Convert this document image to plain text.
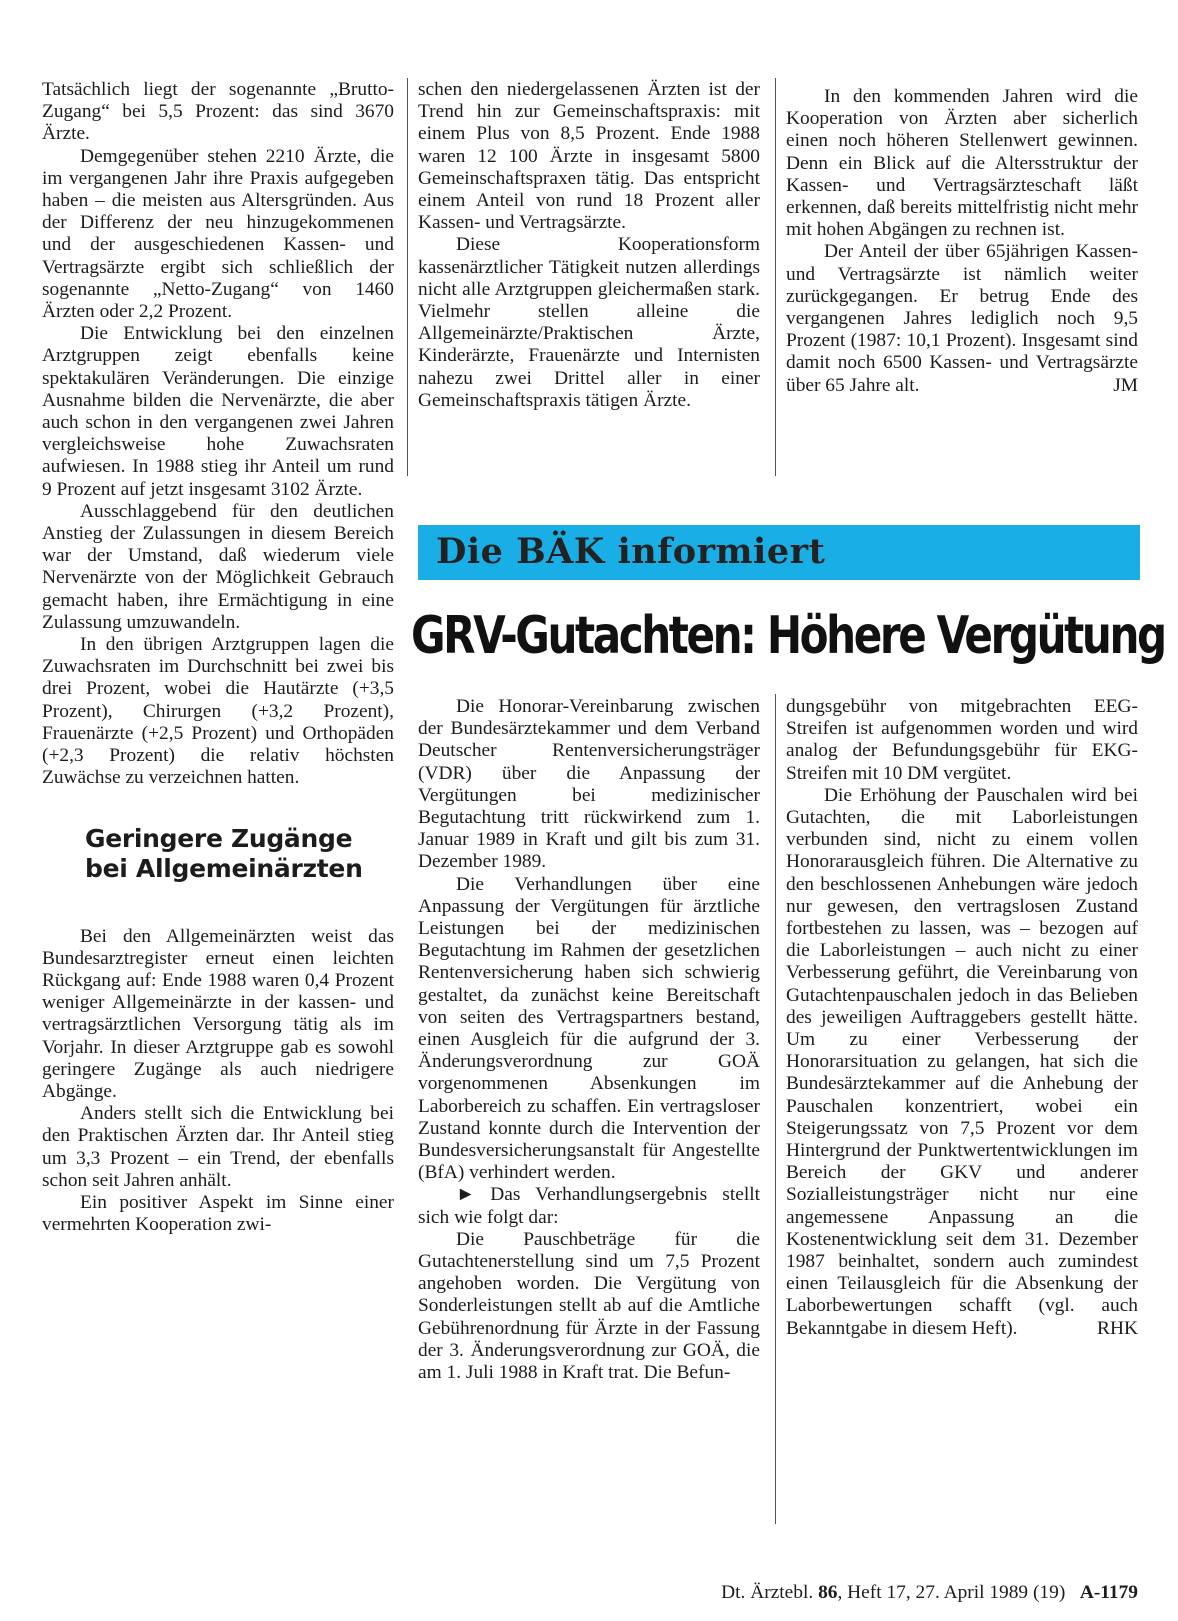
Tatsächlich liegt der sogenannte „Brutto-Zugang“ bei 5,5 Prozent: das sind 3670 Ärzte.

Demgegenüber stehen 2210 Ärzte, die im vergangenen Jahr ihre Praxis aufgegeben haben – die meisten aus Altersgründen. Aus der Differenz der neu hinzugekommenen und der ausgeschiedenen Kassen- und Vertragsärzte ergibt sich schließlich der sogenannte „Netto-Zugang“ von 1460 Ärzten oder 2,2 Prozent.

Die Entwicklung bei den einzelnen Arztgruppen zeigt ebenfalls keine spektakulären Veränderungen. Die einzige Ausnahme bilden die Nervenärzte, die aber auch schon in den vergangenen zwei Jahren vergleichsweise hohe Zuwachsraten aufwiesen. In 1988 stieg ihr Anteil um rund 9 Prozent auf jetzt insgesamt 3102 Ärzte.

Ausschlaggebend für den deutlichen Anstieg der Zulassungen in diesem Bereich war der Umstand, daß wiederum viele Nervenärzte von der Möglichkeit Gebrauch gemacht haben, ihre Ermächtigung in eine Zulassung umzuwandeln.

In den übrigen Arztgruppen lagen die Zuwachsraten im Durchschnitt bei zwei bis drei Prozent, wobei die Hautärzte (+3,5 Prozent), Chirurgen (+3,2 Prozent), Frauenärzte (+2,5 Prozent) und Orthopäden (+2,3 Prozent) die relativ höchsten Zuwächse zu verzeichnen hatten.

Geringere Zugänge bei Allgemeinärzten

Bei den Allgemeinärzten weist das Bundesarztregister erneut einen leichten Rückgang auf: Ende 1988 waren 0,4 Prozent weniger Allgemeinärzte in der kassen- und vertragsärztlichen Versorgung tätig als im Vorjahr. In dieser Arztgruppe gab es sowohl geringere Zugänge als auch niedrigere Abgänge.

Anders stellt sich die Entwicklung bei den Praktischen Ärzten dar. Ihr Anteil stieg um 3,3 Prozent – ein Trend, der ebenfalls schon seit Jahren anhält.

Ein positiver Aspekt im Sinne einer vermehrten Kooperation zwi-

schen den niedergelassenen Ärzten ist der Trend hin zur Gemeinschaftspraxis: mit einem Plus von 8,5 Prozent. Ende 1988 waren 12 100 Ärzte in insgesamt 5800 Gemeinschaftspraxen tätig. Das entspricht einem Anteil von rund 18 Prozent aller Kassen- und Vertragsärzte.

Diese Kooperationsform kassenärztlicher Tätigkeit nutzen allerdings nicht alle Arztgruppen gleichermaßen stark. Vielmehr stellen alleine die Allgemeinärzte/Praktischen Ärzte, Kinderärzte, Frauenärzte und Internisten nahezu zwei Drittel aller in einer Gemeinschaftspraxis tätigen Ärzte.

In den kommenden Jahren wird die Kooperation von Ärzten aber sicherlich einen noch höheren Stellenwert gewinnen. Denn ein Blick auf die Altersstruktur der Kassen- und Vertragsärzteschaft läßt erkennen, daß bereits mittelfristig nicht mehr mit hohen Abgängen zu rechnen ist.

Der Anteil der über 65jährigen Kassen- und Vertragsärzte ist nämlich weiter zurückgegangen. Er betrug Ende des vergangenen Jahres lediglich noch 9,5 Prozent (1987: 10,1 Prozent). Insgesamt sind damit noch 6500 Kassen- und Vertragsärzte über 65 Jahre alt.	JM

Die BÄK informiert
GRV-Gutachten: Höhere Vergütung

Die Honorar-Vereinbarung zwischen der Bundesärztekammer und dem Verband Deutscher Rentenversicherungsträger (VDR) über die Anpassung der Vergütungen bei medizinischer Begutachtung tritt rückwirkend zum 1. Januar 1989 in Kraft und gilt bis zum 31. Dezember 1989.

Die Verhandlungen über eine Anpassung der Vergütungen für ärztliche Leistungen bei der medizinischen Begutachtung im Rahmen der gesetzlichen Rentenversicherung haben sich schwierig gestaltet, da zunächst keine Bereitschaft von seiten des Vertragspartners bestand, einen Ausgleich für die aufgrund der 3. Änderungsverordnung zur GOÄ vorgenommenen Absenkungen im Laborbereich zu schaffen. Ein vertragsloser Zustand konnte durch die Intervention der Bundesversicherungsanstalt für Angestellte (BfA) verhindert werden.

► Das Verhandlungsergebnis stellt sich wie folgt dar:

Die Pauschbeträge für die Gutachtenerstellung sind um 7,5 Prozent angehoben worden. Die Vergütung von Sonderleistungen stellt ab auf die Amtliche Gebührenordnung für Ärzte in der Fassung der 3. Änderungsverordnung zur GOÄ, die am 1. Juli 1988 in Kraft trat. Die Befun-

dungsgebühr von mitgebrachten EEG-Streifen ist aufgenommen worden und wird analog der Befundungsgebühr für EKG-Streifen mit 10 DM vergütet.

Die Erhöhung der Pauschalen wird bei Gutachten, die mit Laborleistungen verbunden sind, nicht zu einem vollen Honorarausgleich führen. Die Alternative zu den beschlossenen Anhebungen wäre jedoch nur gewesen, den vertragslosen Zustand fortbestehen zu lassen, was – bezogen auf die Laborleistungen – auch nicht zu einer Verbesserung geführt, die Vereinbarung von Gutachtenpauschalen jedoch in das Belieben des jeweiligen Auftraggebers gestellt hätte. Um zu einer Verbesserung der Honorarsituation zu gelangen, hat sich die Bundesärztekammer auf die Anhebung der Pauschalen konzentriert, wobei ein Steigerungssatz von 7,5 Prozent vor dem Hintergrund der Punktwertentwicklungen im Bereich der GKV und anderer Sozialleistungsträger nicht nur eine angemessene Anpassung an die Kostenentwicklung seit dem 31. Dezember 1987 beinhaltet, sondern auch zumindest einen Teilausgleich für die Absenkung der Laborbewertungen schafft (vgl. auch Bekanntgabe in diesem Heft).	RHK

Dt. Ärztebl. 86, Heft 17, 27. April 1989 (19) A-1179
